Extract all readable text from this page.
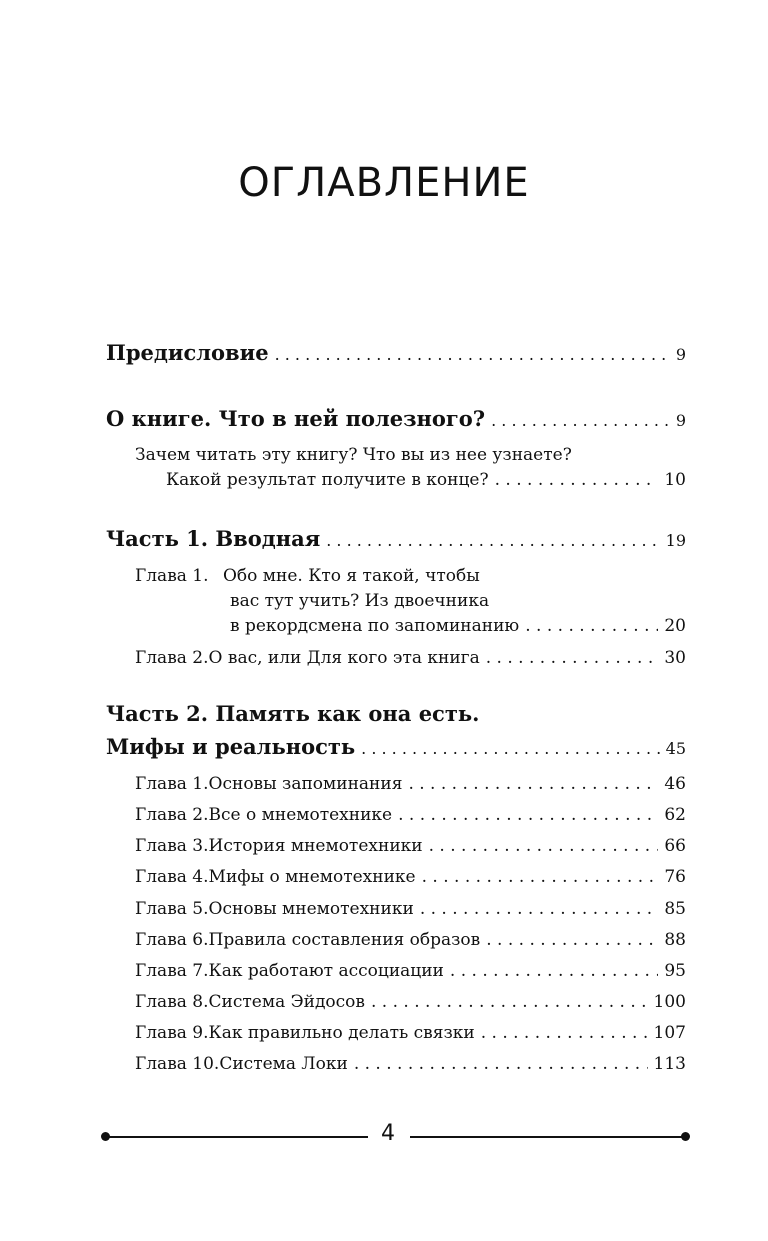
ОГЛАВЛЕНИЕ
Предисловие . . .	9
О книге. Что в ней полезного? . . .	9
Зачем читать эту книгу? Что вы из нее узнаете?
Какой результат получите в конце? . . .	10
Часть 1. Вводная . . .	19
Глава 1. Обо мне. Кто я такой, чтобы
вас тут учить? Из двоечника
в рекордсмена по запоминанию . . .	20
Глава 2. О вас, или Для кого эта книга . . .	30
Часть 2. Память как она есть.
Мифы и реальность . . .	45
Глава 1. Основы запоминания . . .	46
Глава 2. Все о мнемотехнике . . .	62
Глава 3. История мнемотехники . . .	66
Глава 4. Мифы о мнемотехнике . . .	76
Глава 5. Основы мнемотехники . . .	85
Глава 6. Правила составления образов . . .	88
Глава 7. Как работают ассоциации . . .	95
Глава 8. Система Эйдосов . . .	100
Глава 9. Как правильно делать связки . . .	107
Глава 10. Система Локи . . .	113
4
